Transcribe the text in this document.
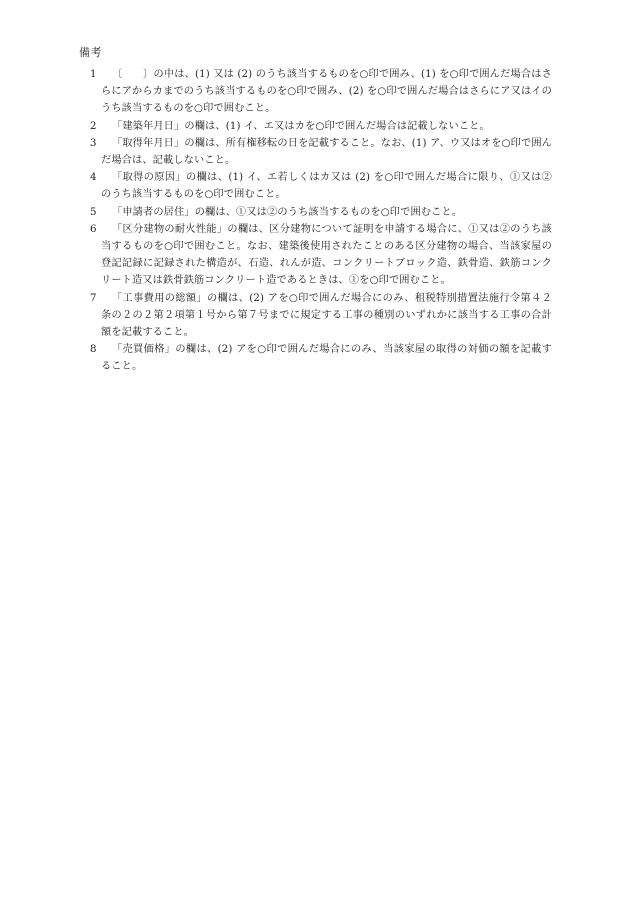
備考
1	〔　　〕の中は、(1) 又は (2) のうち該当するものを○印で囲み、(1) を○印で囲んだ場合はさらにアからカまでのうち該当するものを○印で囲み、(2) を○印で囲んだ場合はさらにア又はイのうち該当するものを○印で囲むこと。
2	「建築年月日」の欄は、(1) イ、エ又はカを○印で囲んだ場合は記載しないこと。
3	「取得年月日」の欄は、所有権移転の日を記載すること。なお、(1) ア、ウ又はオを○印で囲んだ場合は、記載しないこと。
4	「取得の原因」の欄は、(1) イ、エ若しくはカ又は (2) を○印で囲んだ場合に限り、①又は②のうち該当するものを○印で囲むこと。
5	「申請者の居住」の欄は、①又は②のうち該当するものを○印で囲むこと。
6	「区分建物の耐火性能」の欄は、区分建物について証明を申請する場合に、①又は②のうち該当するものを○印で囲むこと。なお、建築後使用されたことのある区分建物の場合、当該家屋の登記記録に記録された構造が、石造、れんが造、コンクリートブロック造、鉄骨造、鉄筋コンクリート造又は鉄骨鉄筋コンクリート造であるときは、①を○印で囲むこと。
7	「工事費用の総額」の欄は、(2) アを○印で囲んだ場合にのみ、租税特別措置法施行令第４２条の２の２第２項第１号から第７号までに規定する工事の種別のいずれかに該当する工事の合計額を記載すること。
8	「売買価格」の欄は、(2) アを○印で囲んだ場合にのみ、当該家屋の取得の対価の額を記載すること。
